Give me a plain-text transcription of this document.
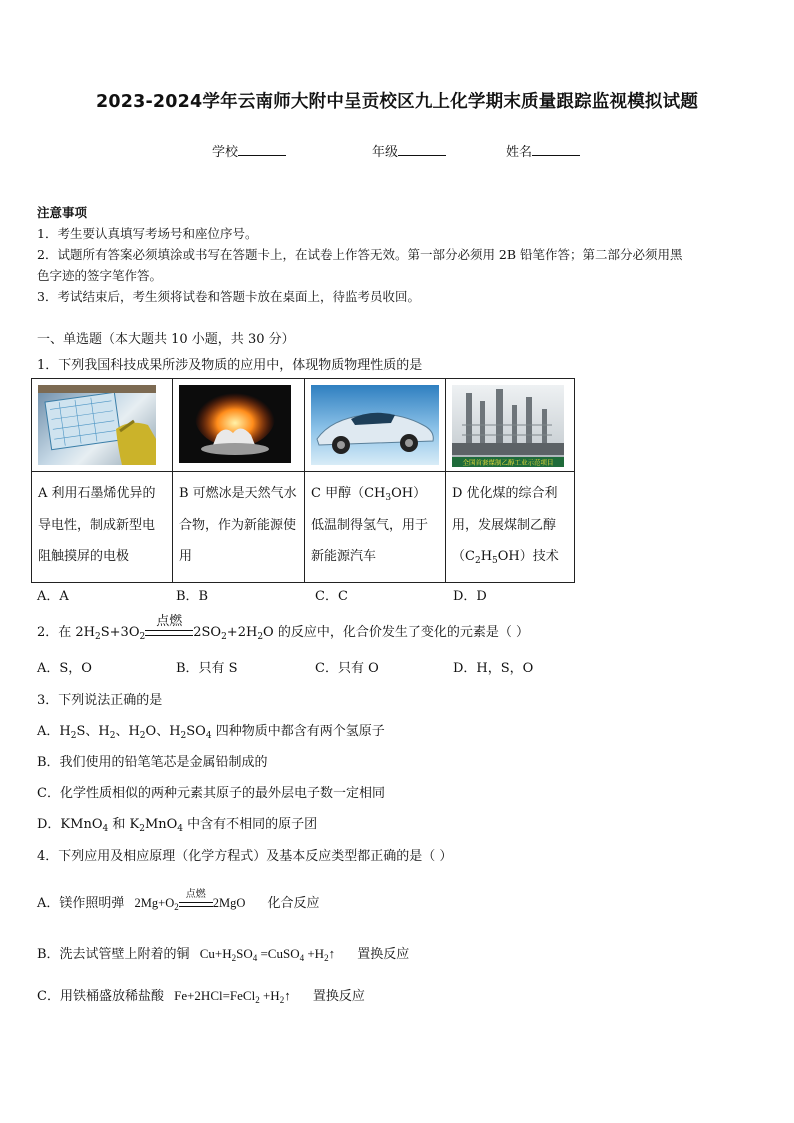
2023-2024学年云南师大附中呈贡校区九上化学期末质量跟踪监视模拟试题
学校	年级	姓名
注意事项
1．考生要认真填写考场号和座位序号。
2．试题所有答案必须填涂或书写在答题卡上，在试卷上作答无效。第一部分必须用 2B 铅笔作答；第二部分必须用黑
色字迹的签字笔作答。
3．考试结束后，考生须将试卷和答题卡放在桌面上，待监考员收回。
一、单选题（本大题共 10 小题，共 30 分）
1．下列我国科技成果所涉及物质的应用中，体现物质物理性质的是

全国首套煤制乙醇工业示范项目

A 利用石墨烯优异的导电性，制成新型电阻触摸屏的电极	B 可燃冰是天然气水合物，作为新能源使用	C 甲醇$(CH_3OH)$低温制得氢气，用于新能源汽车	D 优化煤的综合利用，发展煤制乙醇$(C_2H_5OH)$技术
A．A	B．B	C．C	D．D
2．在 $2H_2S+3O_2$
点燃
$2SO_2+2H_2O$ 的反应中，化合价发生了变化的元素是（ ）
A．S，O	B．只有 S	C．只有 O	D．H，S，O
3．下列说法正确的是
A．$H_2S$、$H_2$、$H_2O$、$H_2SO_4$ 四种物质中都含有两个氢原子
B．我们使用的铅笔笔芯是金属铅制成的
C．化学性质相似的两种元素其原子的最外层电子数一定相同
D．KMnO$_4$ 和 $K_2MnO_4$ 中含有不相同的原子团
4．下列应用及相应原理（化学方程式）及基本反应类型都正确的是（ ）
A．镁作照明弹 $2Mg+O_2$
点燃
2MgO 化合反应
B．洗去试管壁上附着的铜 $Cu+H_2SO_4$ =CuSO$_4$ $+H_2↑$ 置换反应
C．用铁桶盛放稀盐酸 Fe+2HCl=FeCl$_2$ $+H_2↑$ 置换反应
